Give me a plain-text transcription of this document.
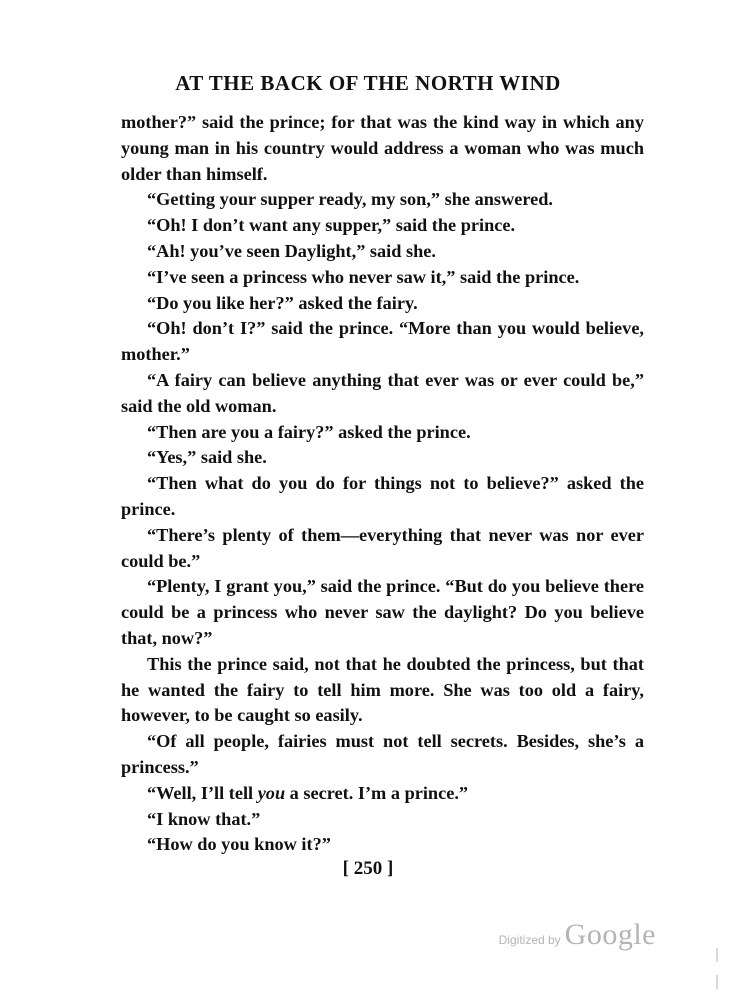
AT THE BACK OF THE NORTH WIND

mother?” said the prince; for that was the kind way in which any young man in his country would address a woman who was much older than himself.

“Getting your supper ready, my son,” she answered.

“Oh! I don’t want any supper,” said the prince.

“Ah! you’ve seen Daylight,” said she.

“I’ve seen a princess who never saw it,” said the prince.

“Do you like her?” asked the fairy.

“Oh! don’t I?” said the prince. “More than you would believe, mother.”

“A fairy can believe anything that ever was or ever could be,” said the old woman.

“Then are you a fairy?” asked the prince.

“Yes,” said she.

“Then what do you do for things not to believe?” asked the prince.

“There’s plenty of them—everything that never was nor ever could be.”

“Plenty, I grant you,” said the prince. “But do you believe there could be a princess who never saw the daylight? Do you believe that, now?”

This the prince said, not that he doubted the princess, but that he wanted the fairy to tell him more. She was too old a fairy, however, to be caught so easily.

“Of all people, fairies must not tell secrets. Besides, she’s a princess.”

“Well, I’ll tell you a secret. I’m a prince.”

“I know that.”

“How do you know it?”

[ 250 ]
Digitized by Google
